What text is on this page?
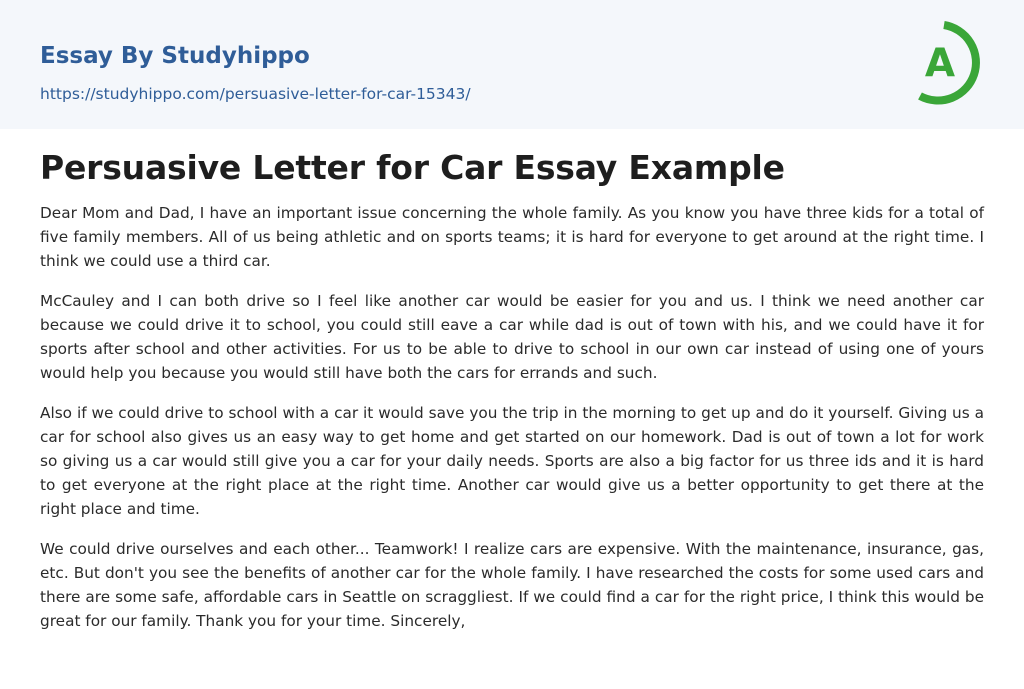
Essay By Studyhippo
https://studyhippo.com/persuasive-letter-for-car-15343/
A
Persuasive Letter for Car Essay Example

Dear Mom and Dad, I have an important issue concerning the whole family. As you know you have three kids for a total of five family members. All of us being athletic and on sports teams; it is hard for everyone to get around at the right time. I think we could use a third car.

McCauley and I can both drive so I feel like another car would be easier for you and us. I think we need another car because we could drive it to school, you could still eave a car while dad is out of town with his, and we could have it for sports after school and other activities. For us to be able to drive to school in our own car instead of using one of yours would help you because you would still have both the cars for errands and such.

Also if we could drive to school with a car it would save you the trip in the morning to get up and do it yourself. Giving us a car for school also gives us an easy way to get home and get started on our homework. Dad is out of town a lot for work so giving us a car would still give you a car for your daily needs. Sports are also a big factor for us three ids and it is hard to get everyone at the right place at the right time. Another car would give us a better opportunity to get there at the right place and time.

We could drive ourselves and each other... Teamwork! I realize cars are expensive. With the maintenance, insurance, gas, etc. But don't you see the benefits of another car for the whole family. I have researched the costs for some used cars and there are some safe, affordable cars in Seattle on scraggliest. If we could find a car for the right price, I think this would be great for our family. Thank you for your time. Sincerely,
